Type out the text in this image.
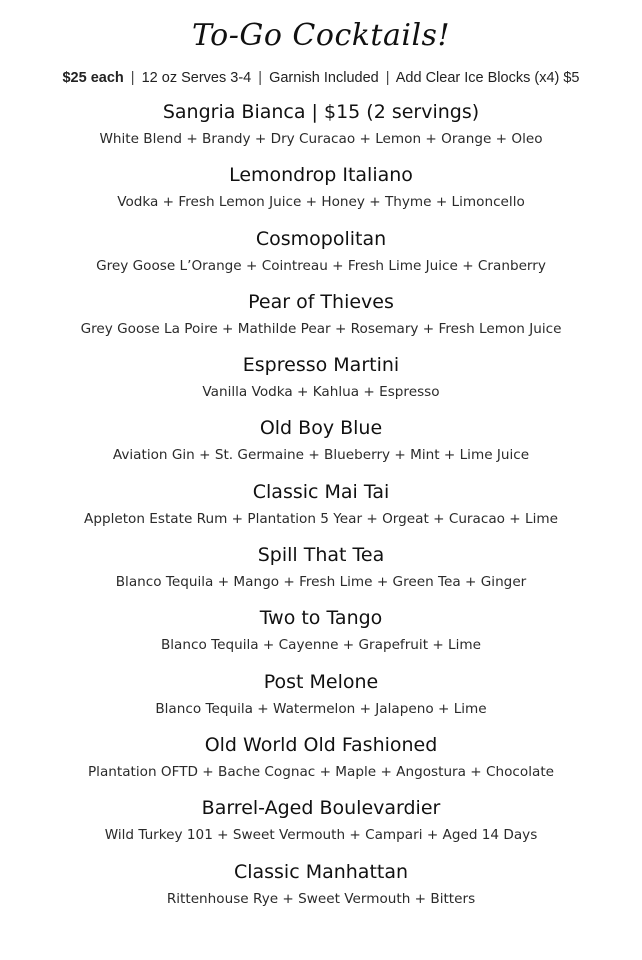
To-Go Cocktails!
$25 each | 12 oz Serves 3-4 | Garnish Included | Add Clear Ice Blocks (x4) $5
Sangria Bianca | $15 (2 servings)
White Blend + Brandy + Dry Curacao + Lemon + Orange + Oleo
Lemondrop Italiano
Vodka + Fresh Lemon Juice + Honey + Thyme + Limoncello
Cosmopolitan
Grey Goose L’Orange + Cointreau + Fresh Lime Juice + Cranberry
Pear of Thieves
Grey Goose La Poire + Mathilde Pear + Rosemary + Fresh Lemon Juice
Espresso Martini
Vanilla Vodka + Kahlua + Espresso
Old Boy Blue
Aviation Gin + St. Germaine + Blueberry + Mint + Lime Juice
Classic Mai Tai
Appleton Estate Rum + Plantation 5 Year + Orgeat + Curacao + Lime
Spill That Tea
Blanco Tequila + Mango + Fresh Lime + Green Tea + Ginger
Two to Tango
Blanco Tequila + Cayenne + Grapefruit + Lime
Post Melone
Blanco Tequila + Watermelon + Jalapeno + Lime
Old World Old Fashioned
Plantation OFTD + Bache Cognac + Maple + Angostura + Chocolate
Barrel-Aged Boulevardier
Wild Turkey 101 + Sweet Vermouth + Campari + Aged 14 Days
Classic Manhattan
Rittenhouse Rye + Sweet Vermouth + Bitters
